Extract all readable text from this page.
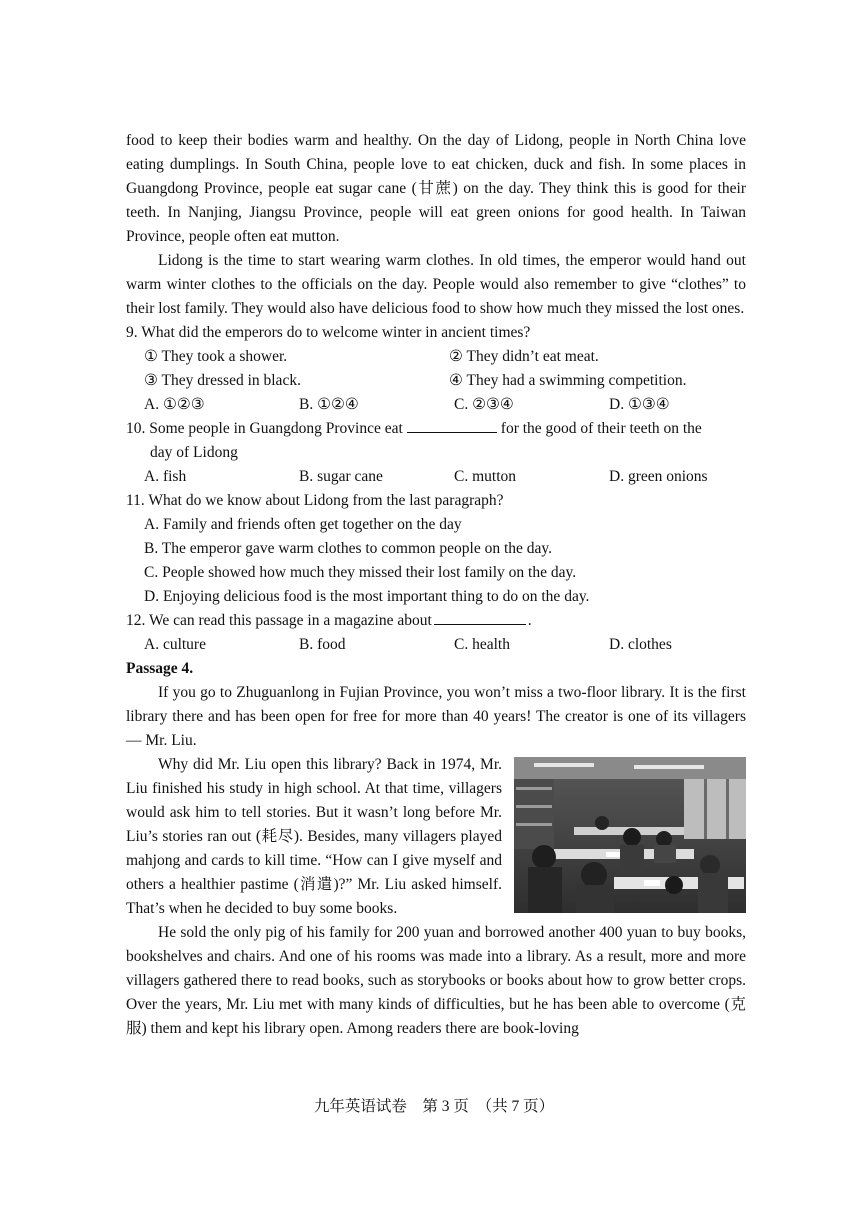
food to keep their bodies warm and healthy. On the day of Lidong, people in North China love eating dumplings. In South China, people love to eat chicken, duck and fish. In some places in Guangdong Province, people eat sugar cane (甘蔗) on the day. They think this is good for their teeth. In Nanjing, Jiangsu Province, people will eat green onions for good health. In Taiwan Province, people often eat mutton.

Lidong is the time to start wearing warm clothes. In old times, the emperor would hand out warm winter clothes to the officials on the day. People would also remember to give “clothes” to their lost family. They would also have delicious food to show how much they missed the lost ones.

9. What did the emperors do to welcome winter in ancient times?

① They took a shower.	② They didn’t eat meat.
③ They dressed in black.	④ They had a swimming competition.
A. ①②③	B. ①②④	C. ②③④	D. ①③④

10. Some people in Guangdong Province eat	for the good of their teeth on the

day of Lidong

A. fish	B. sugar cane	C. mutton	D. green onions

11. What do we know about Lidong from the last paragraph?

A. Family and friends often get together on the day

B. The emperor gave warm clothes to common people on the day.

C. People showed how much they missed their lost family on the day.

D. Enjoying delicious food is the most important thing to do on the day.

12. We can read this passage in a magazine about	.

A. culture	B. food	C. health	D. clothes

Passage 4.

If you go to Zhuguanlong in Fujian Province, you won’t miss a two-floor library. It is the first library there and has been open for free for more than 40 years! The creator is one of its villagers — Mr. Liu.

Why did Mr. Liu open this library? Back in 1974, Mr. Liu finished his study in high school. At that time, villagers would ask him to tell stories. But it wasn’t long before Mr. Liu’s stories ran out (耗尽). Besides, many villagers played mahjong and cards to kill time. “How can I give myself and others a healthier pastime (消遣)?” Mr. Liu asked himself. That’s when he decided to buy some books.

He sold the only pig of his family for 200 yuan and borrowed another 400 yuan to buy books, bookshelves and chairs. And one of his rooms was made into a library. As a result, more and more villagers gathered there to read books, such as storybooks or books about how to grow better crops. Over the years, Mr. Liu met with many kinds of difficulties, but he has been able to overcome (克服) them and kept his library open. Among readers there are book-loving

九年英语试卷　第 3 页　（共 7 页）
